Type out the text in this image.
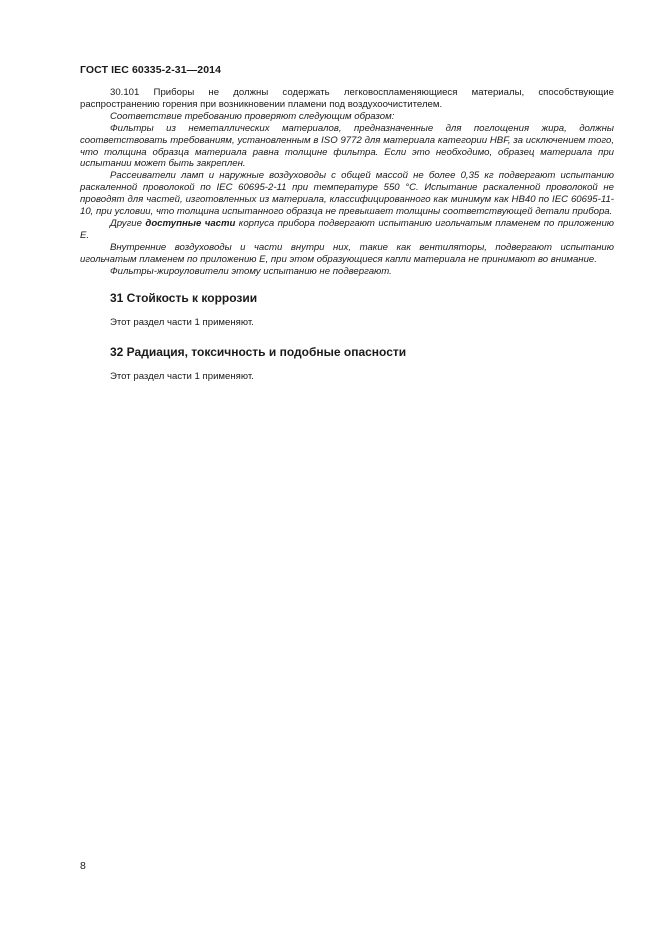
ГОСТ IEC 60335-2-31—2014

30.101 Приборы не должны содержать легковоспламеняющиеся материалы, способствующие распространению горения при возникновении пламени под воздухоочистителем.

Соответствие требованию проверяют следующим образом:

Фильтры из неметаллических материалов, предназначенные для поглощения жира, должны соответствовать требованиям, установленным в ISO 9772 для материала категории HBF, за исключением того, что толщина образца материала равна толщине фильтра. Если это необходимо, образец материала при испытании может быть закреплен.

Рассеиватели ламп и наружные воздуховоды с общей массой не более 0,35 кг подвергают испытанию раскаленной проволокой по IEC 60695-2-11 при температуре 550 °С. Испытание раскаленной проволокой не проводят для частей, изготовленных из материала, классифицированного как минимум как HB40 по IEC 60695-11-10, при условии, что толщина испытанного образца не превышает толщины соответствующей детали прибора.

Другие доступные части корпуса прибора подвергают испытанию игольчатым пламенем по приложению Е.

Внутренние воздуховоды и части внутри них, такие как вентиляторы, подвергают испытанию игольчатым пламенем по приложению Е, при этом образующиеся капли материала не принимают во внимание.

Фильтры-жироуловители этому испытанию не подвергают.

31 Стойкость к коррозии

Этот раздел части 1 применяют.

32 Радиация, токсичность и подобные опасности

Этот раздел части 1 применяют.

8
